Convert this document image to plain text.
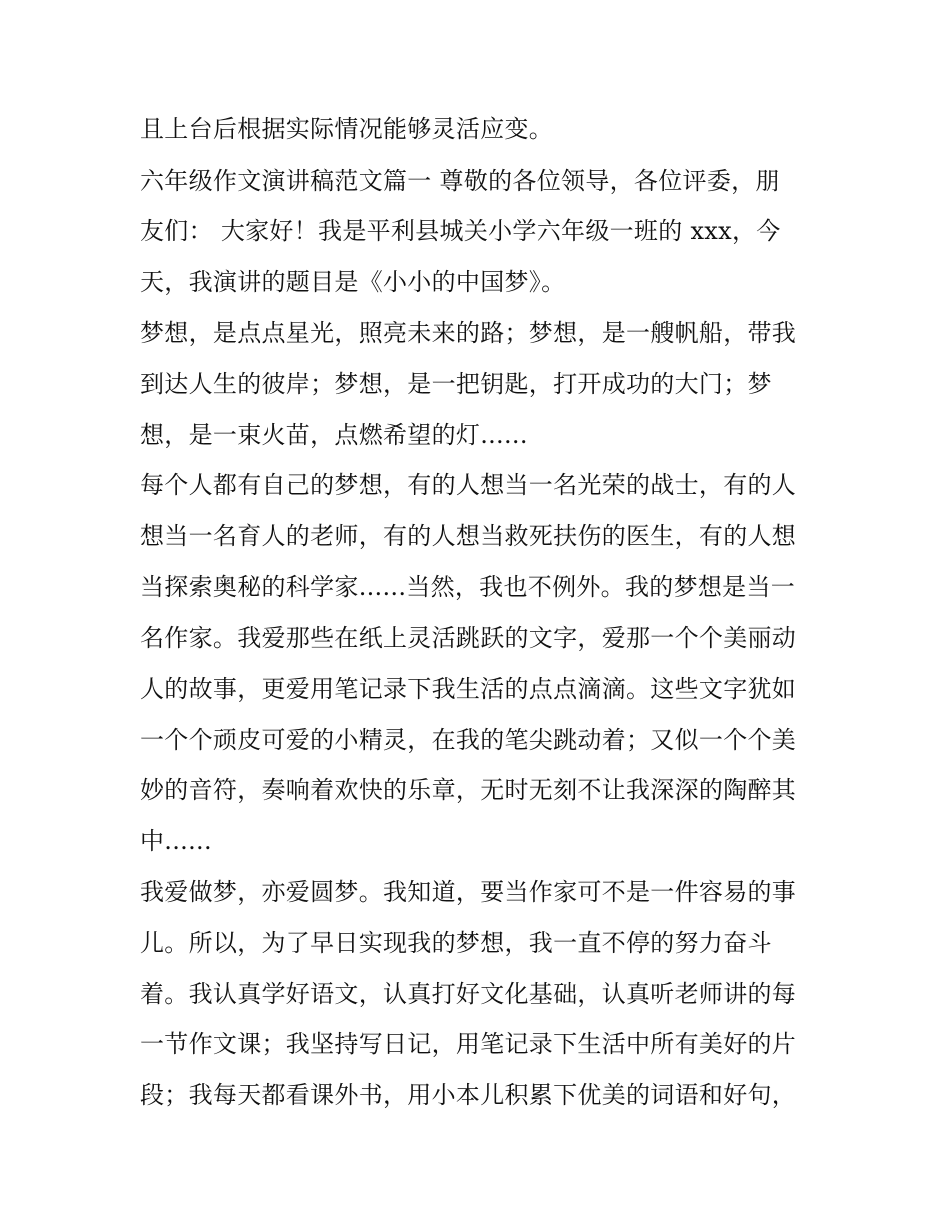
且上台后根据实际情况能够灵活应变。
六年级作文演讲稿范文篇一 尊敬的各位领导，各位评委，朋
友们： 大家好！我是平利县城关小学六年级一班的 xxx，今
天，我演讲的题目是《小小的中国梦》。
梦想，是点点星光，照亮未来的路；梦想，是一艘帆船，带我
到达人生的彼岸；梦想，是一把钥匙，打开成功的大门；梦
想，是一束火苗，点燃希望的灯......
每个人都有自己的梦想，有的人想当一名光荣的战士，有的人
想当一名育人的老师，有的人想当救死扶伤的医生，有的人想
当探索奥秘的科学家......当然，我也不例外。我的梦想是当一
名作家。我爱那些在纸上灵活跳跃的文字，爱那一个个美丽动
人的故事，更爱用笔记录下我生活的点点滴滴。这些文字犹如
一个个顽皮可爱的小精灵，在我的笔尖跳动着；又似一个个美
妙的音符，奏响着欢快的乐章，无时无刻不让我深深的陶醉其
中......
我爱做梦，亦爱圆梦。我知道，要当作家可不是一件容易的事
儿。所以，为了早日实现我的梦想，我一直不停的努力奋斗
着。我认真学好语文，认真打好文化基础，认真听老师讲的每
一节作文课；我坚持写日记，用笔记录下生活中所有美好的片
段；我每天都看课外书，用小本儿积累下优美的词语和好句，
